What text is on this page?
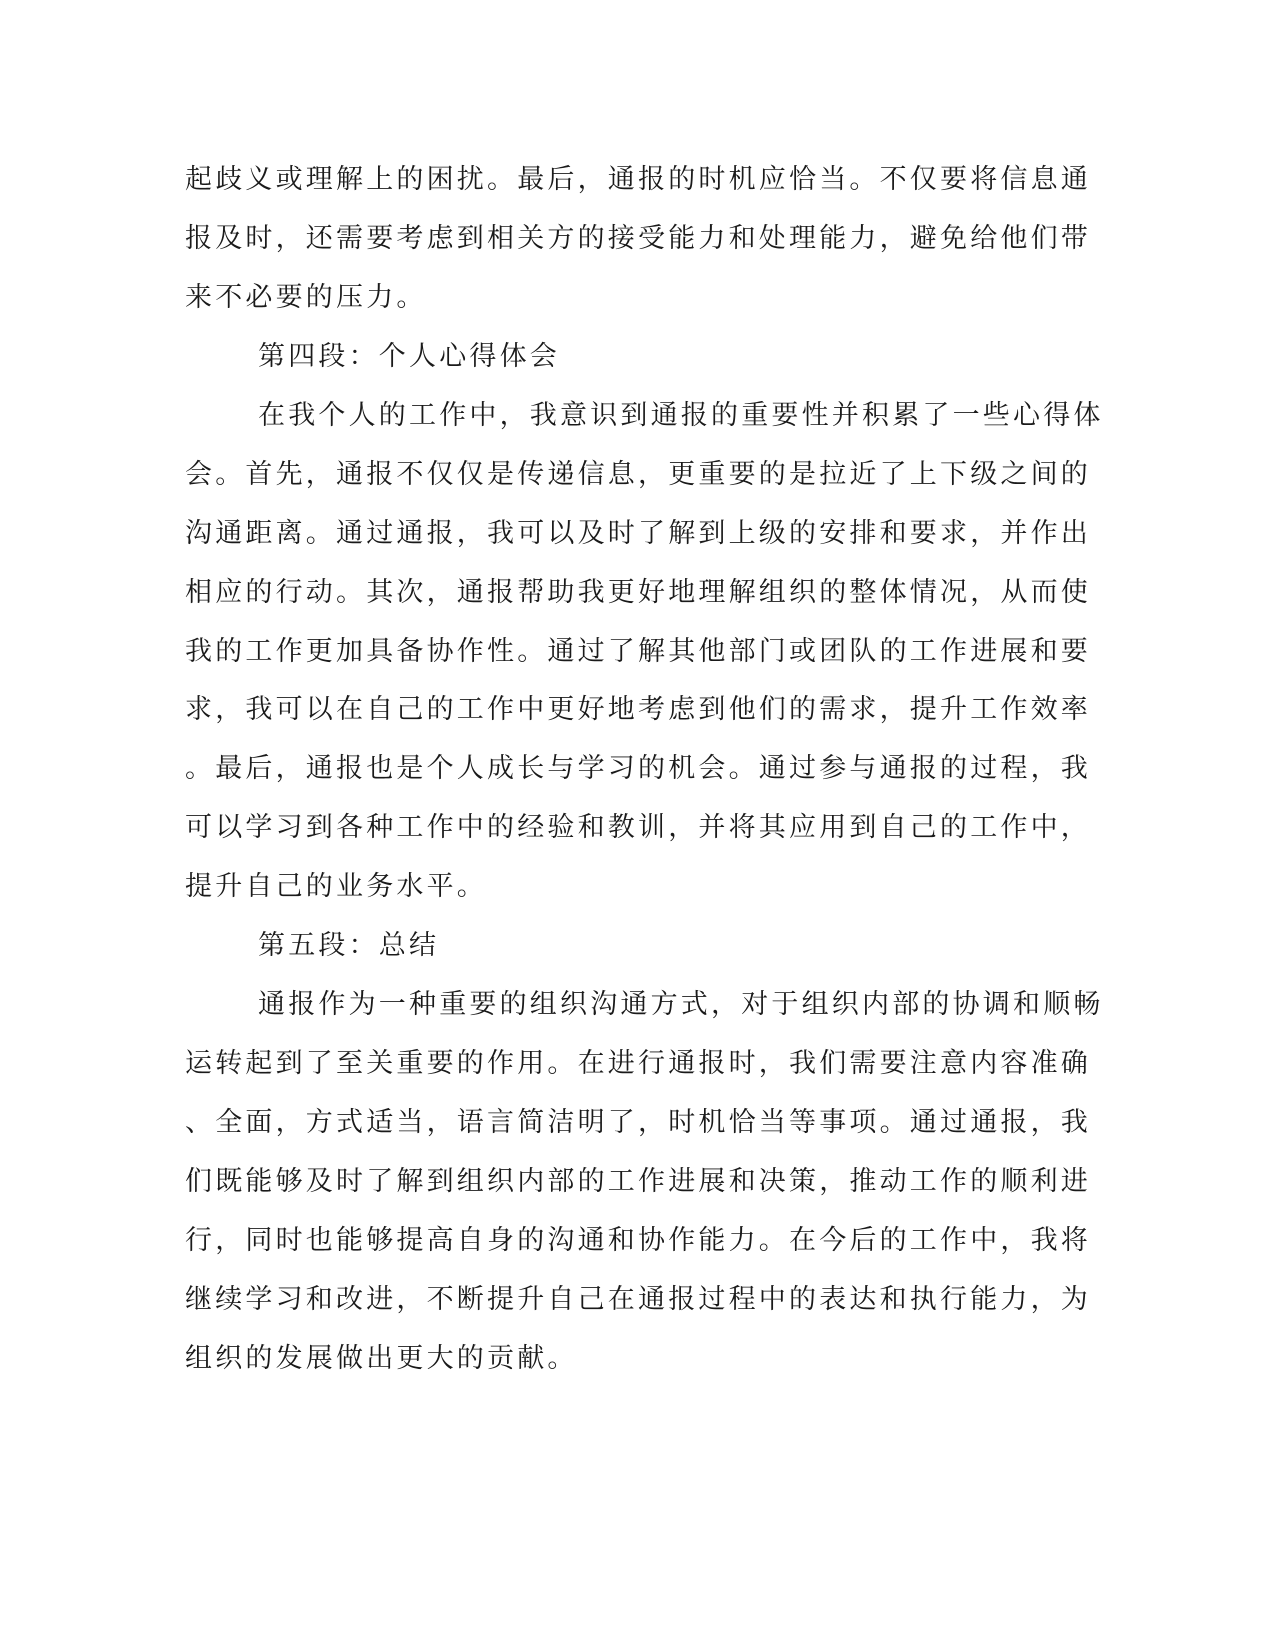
起歧义或理解上的困扰。最后，通报的时机应恰当。不仅要将信息通
报及时，还需要考虑到相关方的接受能力和处理能力，避免给他们带
来不必要的压力。
第四段：个人心得体会
在我个人的工作中，我意识到通报的重要性并积累了一些心得体
会。首先，通报不仅仅是传递信息，更重要的是拉近了上下级之间的
沟通距离。通过通报，我可以及时了解到上级的安排和要求，并作出
相应的行动。其次，通报帮助我更好地理解组织的整体情况，从而使
我的工作更加具备协作性。通过了解其他部门或团队的工作进展和要
求，我可以在自己的工作中更好地考虑到他们的需求，提升工作效率
。最后，通报也是个人成长与学习的机会。通过参与通报的过程，我
可以学习到各种工作中的经验和教训，并将其应用到自己的工作中，
提升自己的业务水平。
第五段：总结
通报作为一种重要的组织沟通方式，对于组织内部的协调和顺畅
运转起到了至关重要的作用。在进行通报时，我们需要注意内容准确
、全面，方式适当，语言简洁明了，时机恰当等事项。通过通报，我
们既能够及时了解到组织内部的工作进展和决策，推动工作的顺利进
行，同时也能够提高自身的沟通和协作能力。在今后的工作中，我将
继续学习和改进，不断提升自己在通报过程中的表达和执行能力，为
组织的发展做出更大的贡献。
